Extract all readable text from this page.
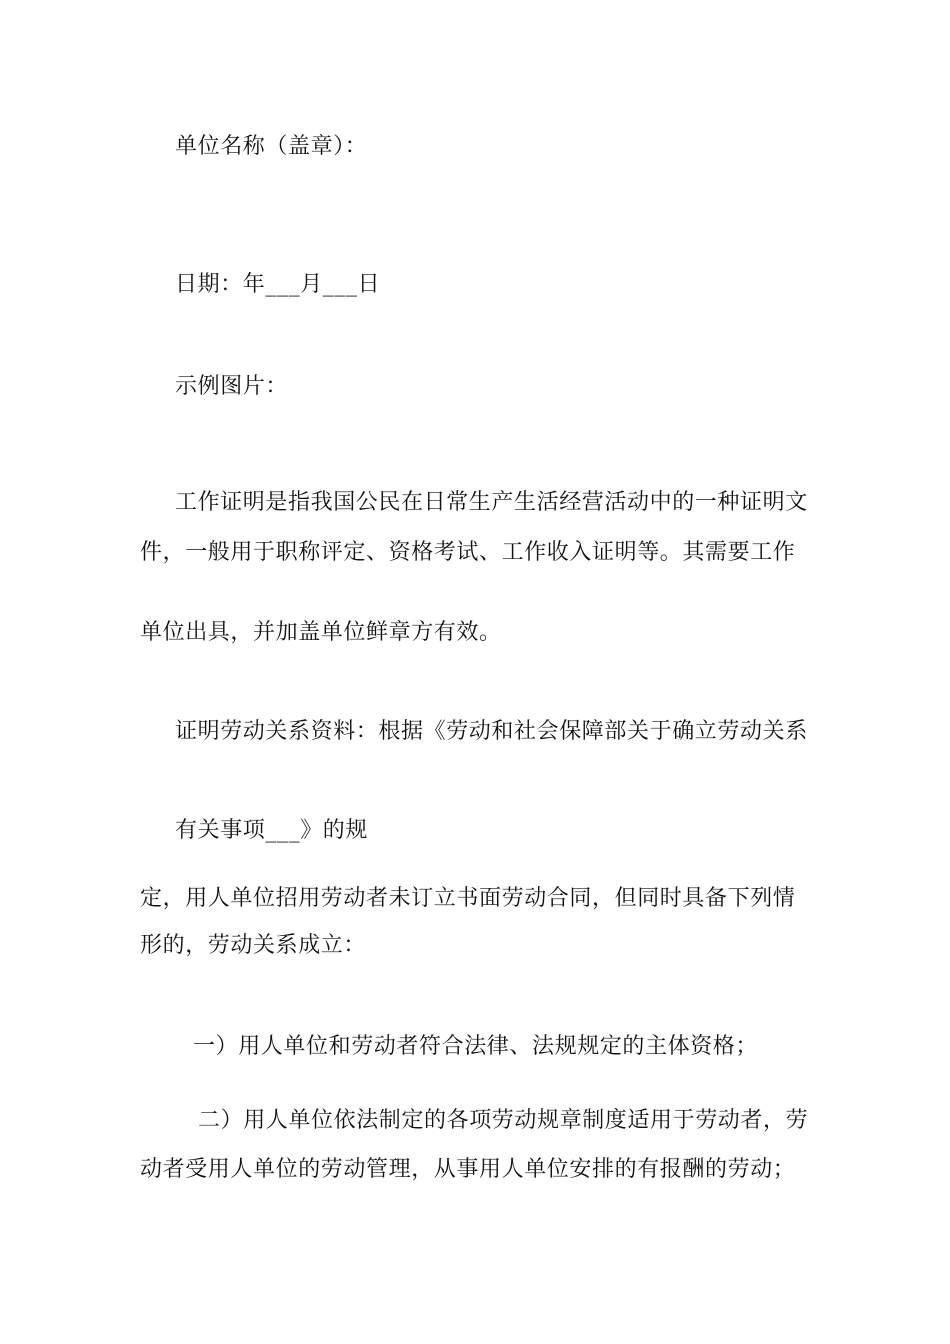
单位名称（盖章）：
日期：年___月___日
示例图片：
工作证明是指我国公民在日常生产生活经营活动中的一种证明文
件，一般用于职称评定、资格考试、工作收入证明等。其需要工作
单位出具，并加盖单位鲜章方有效。
证明劳动关系资料：根据《劳动和社会保障部关于确立劳动关系
有关事项___》的规
定，用人单位招用劳动者未订立书面劳动合同，但同时具备下列情
形的，劳动关系成立：
一）用人单位和劳动者符合法律、法规规定的主体资格；
二）用人单位依法制定的各项劳动规章制度适用于劳动者，劳
动者受用人单位的劳动管理，从事用人单位安排的有报酬的劳动；
